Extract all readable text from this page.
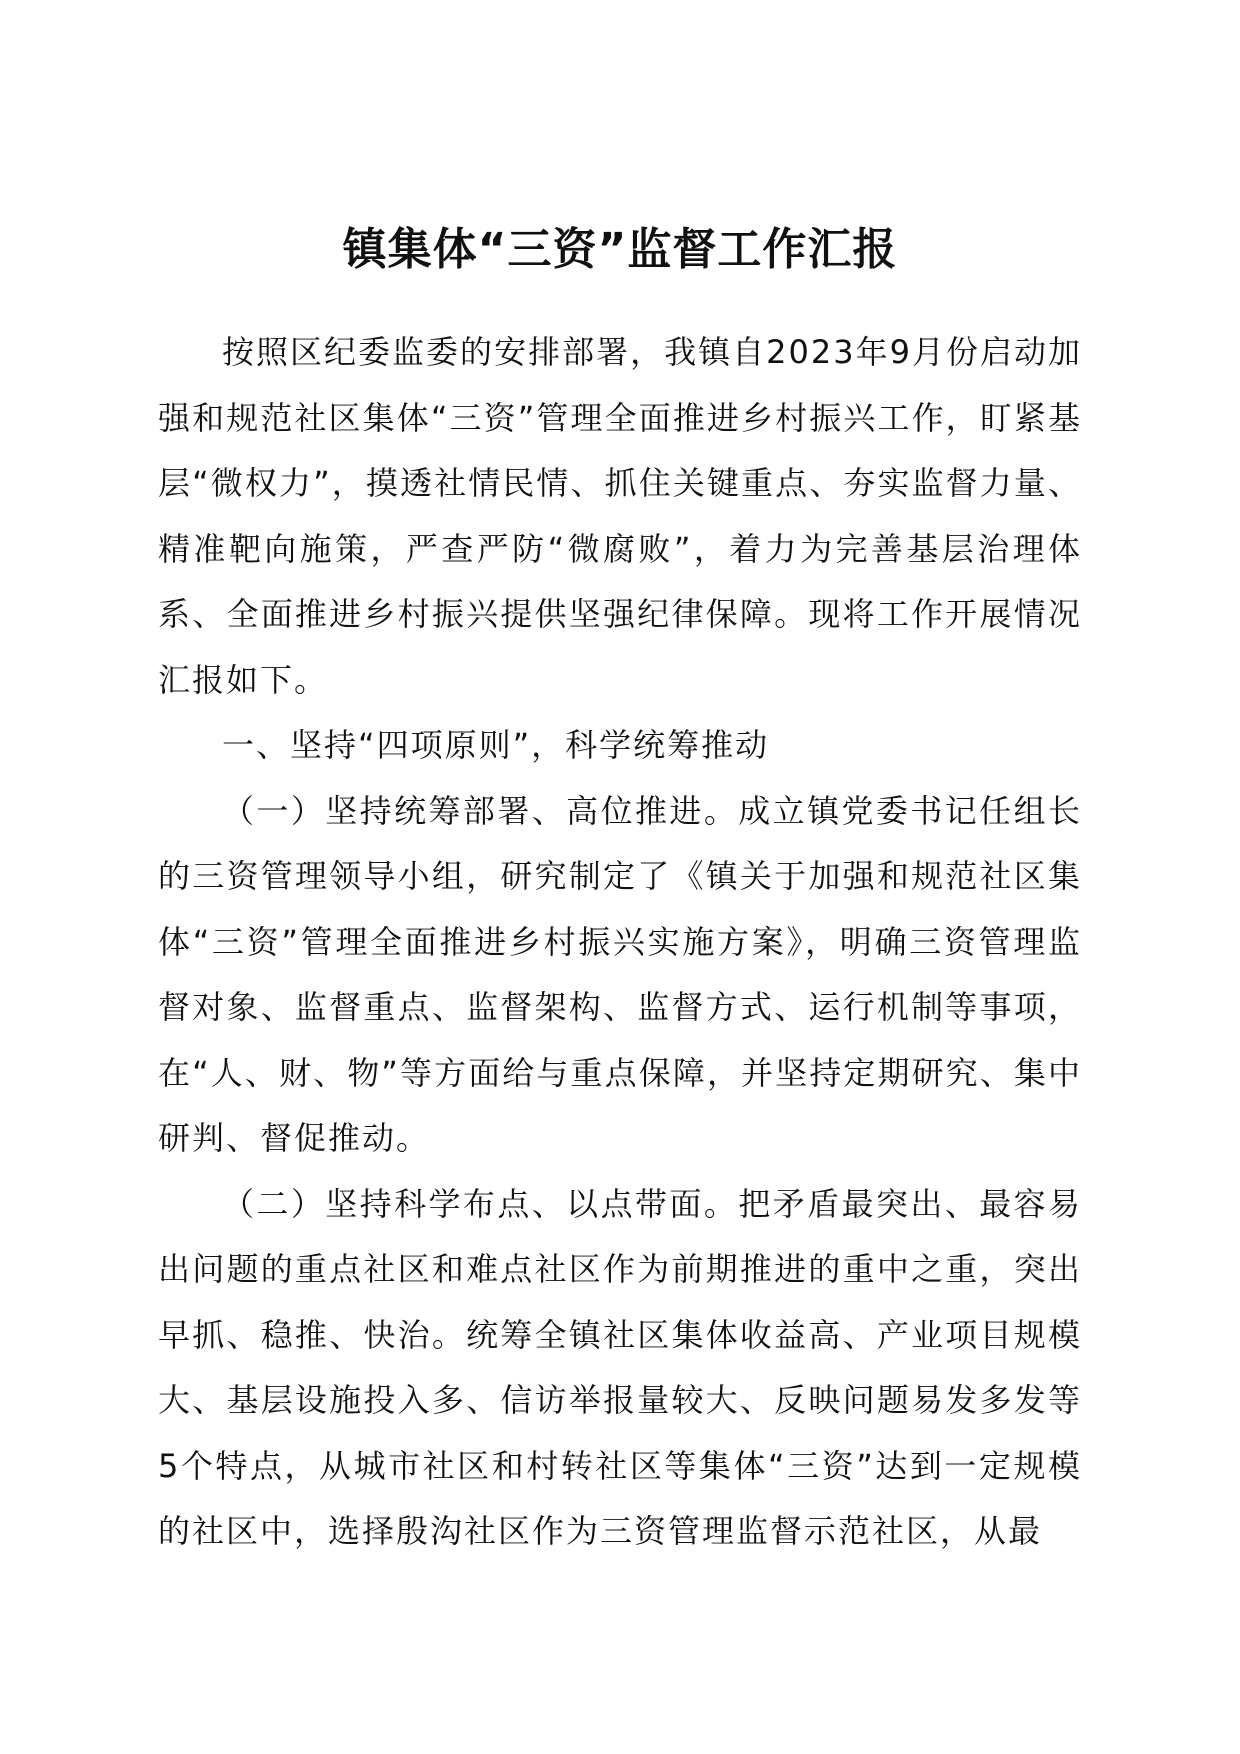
镇集体“三资”监督工作汇报

按照区纪委监委的安排部署，我镇自2023年9月份启动加强和规范社区集体“三资”管理全面推进乡村振兴工作，盯紧基层“微权力”，摸透社情民情、抓住关键重点、夯实监督力量、精准靶向施策，严查严防“微腐败”，着力为完善基层治理体系、全面推进乡村振兴提供坚强纪律保障。现将工作开展情况汇报如下。

一、坚持“四项原则”，科学统筹推动

（一）坚持统筹部署、高位推进。成立镇党委书记任组长的三资管理领导小组，研究制定了《镇关于加强和规范社区集体“三资”管理全面推进乡村振兴实施方案》，明确三资管理监督对象、监督重点、监督架构、监督方式、运行机制等事项，在“人、财、物”等方面给与重点保障，并坚持定期研究、集中研判、督促推动。

（二）坚持科学布点、以点带面。把矛盾最突出、最容易出问题的重点社区和难点社区作为前期推进的重中之重，突出早抓、稳推、快治。统筹全镇社区集体收益高、产业项目规模大、基层设施投入多、信访举报量较大、反映问题易发多发等5个特点，从城市社区和村转社区等集体“三资”达到一定规模的社区中，选择殷沟社区作为三资管理监督示范社区，从最
